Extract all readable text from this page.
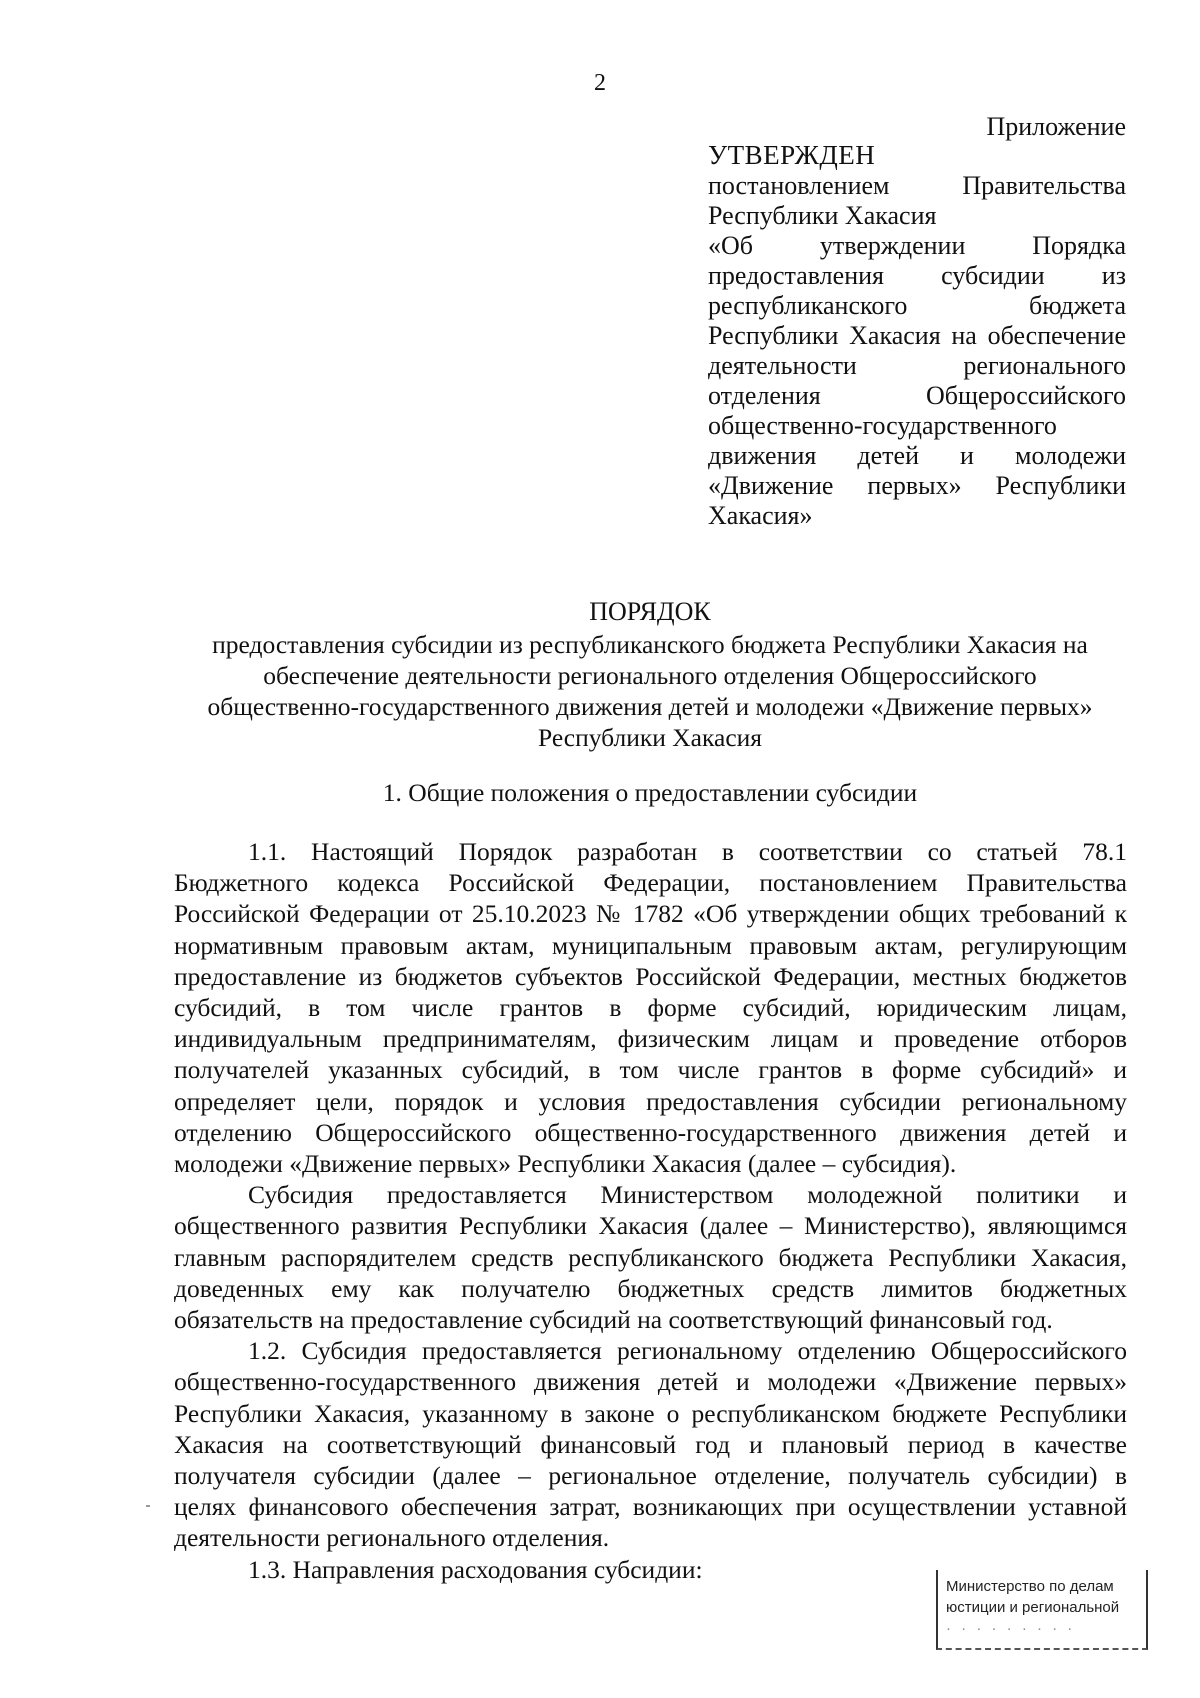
2
Приложение
УТВЕРЖДЕН
постановлением Правительства
Республики Хакасия
«Об утверждении Порядка
предоставления субсидии из
республиканского бюджета
Республики Хакасия на обеспечение
деятельности регионального
отделения Общероссийского
общественно-государственного
движения детей и молодежи
«Движение первых» Республики
Хакасия»
ПОРЯДОК
предоставления субсидии из республиканского бюджета Республики Хакасия на
обеспечение деятельности регионального отделения Общероссийского
общественно-государственного движения детей и молодежи «Движение первых»
Республики Хакасия
1. Общие положения о предоставлении субсидии
1.1. Настоящий Порядок разработан в соответствии со статьей 78.1
Бюджетного кодекса Российской Федерации, постановлением Правительства
Российской Федерации от 25.10.2023 № 1782 «Об утверждении общих требований к
нормативным правовым актам, муниципальным правовым актам, регулирующим
предоставление из бюджетов субъектов Российской Федерации, местных бюджетов
субсидий, в том числе грантов в форме субсидий, юридическим лицам,
индивидуальным предпринимателям, физическим лицам и проведение отборов
получателей указанных субсидий, в том числе грантов в форме субсидий» и
определяет цели, порядок и условия предоставления субсидии региональному
отделению Общероссийского общественно-государственного движения детей и
молодежи «Движение первых» Республики Хакасия (далее – субсидия).
Субсидия предоставляется Министерством молодежной политики и
общественного развития Республики Хакасия (далее – Министерство), являющимся
главным распорядителем средств республиканского бюджета Республики Хакасия,
доведенных ему как получателю бюджетных средств лимитов бюджетных
обязательств на предоставление субсидий на соответствующий финансовый год.
1.2. Субсидия предоставляется региональному отделению Общероссийского
общественно-государственного движения детей и молодежи «Движение первых»
Республики Хакасия, указанному в законе о республиканском бюджете Республики
Хакасия на соответствующий финансовый год и плановый период в качестве
получателя субсидии (далее – региональное отделение, получатель субсидии) в
целях финансового обеспечения затрат, возникающих при осуществлении уставной
деятельности регионального отделения.
1.3. Направления расходования субсидии:
Министерство по делам
юстиции и региональной
· · · · · · · · ·
